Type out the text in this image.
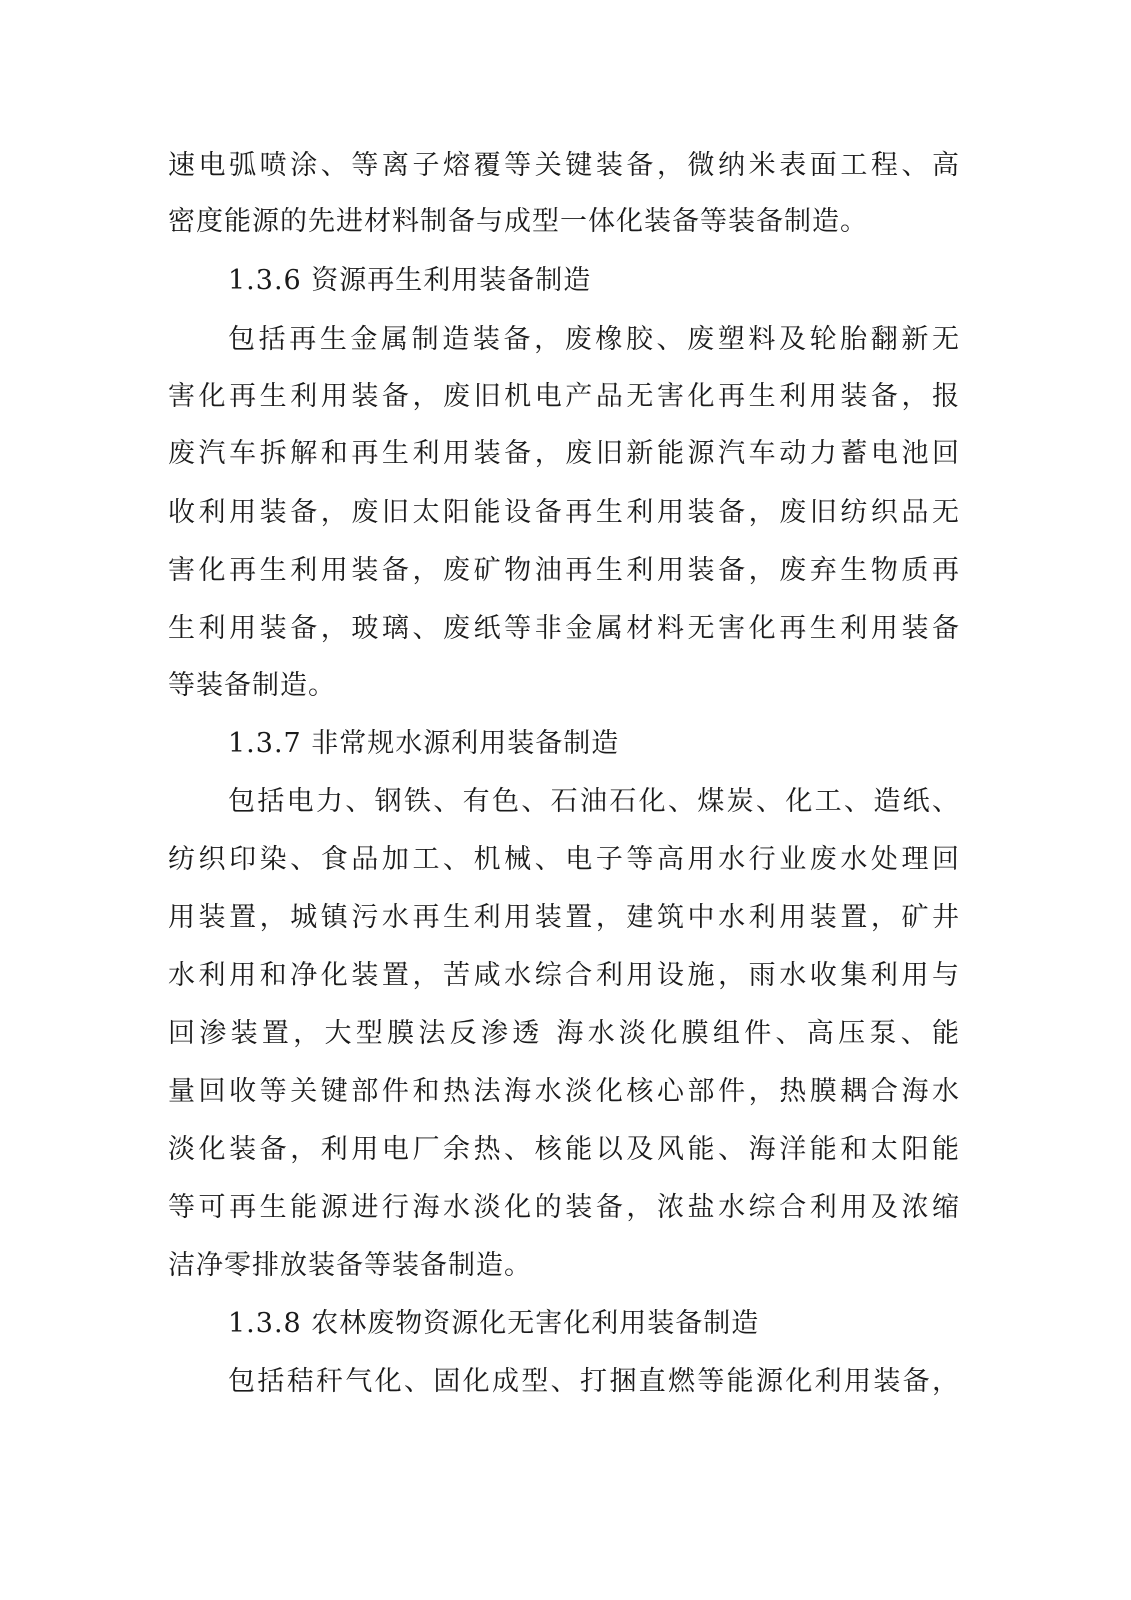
速电弧喷涂、等离子熔覆等关键装备，微纳米表面工程、高
密度能源的先进材料制备与成型一体化装备等装备制造。
1.3.6 资源再生利用装备制造
包括再生金属制造装备，废橡胶、废塑料及轮胎翻新无
害化再生利用装备，废旧机电产品无害化再生利用装备，报
废汽车拆解和再生利用装备，废旧新能源汽车动力蓄电池回
收利用装备，废旧太阳能设备再生利用装备，废旧纺织品无
害化再生利用装备，废矿物油再生利用装备，废弃生物质再
生利用装备，玻璃、废纸等非金属材料无害化再生利用装备
等装备制造。
1.3.7 非常规水源利用装备制造
包括电力、钢铁、有色、石油石化、煤炭、化工、造纸、
纺织印染、食品加工、机械、电子等高用水行业废水处理回
用装置，城镇污水再生利用装置，建筑中水利用装置，矿井
水利用和净化装置，苦咸水综合利用设施，雨水收集利用与
回渗装置，大型膜法反渗透 海水淡化膜组件、高压泵、能
量回收等关键部件和热法海水淡化核心部件，热膜耦合海水
淡化装备，利用电厂余热、核能以及风能、海洋能和太阳能
等可再生能源进行海水淡化的装备，浓盐水综合利用及浓缩
洁净零排放装备等装备制造。
1.3.8 农林废物资源化无害化利用装备制造
包括秸秆气化、固化成型、打捆直燃等能源化利用装备，
